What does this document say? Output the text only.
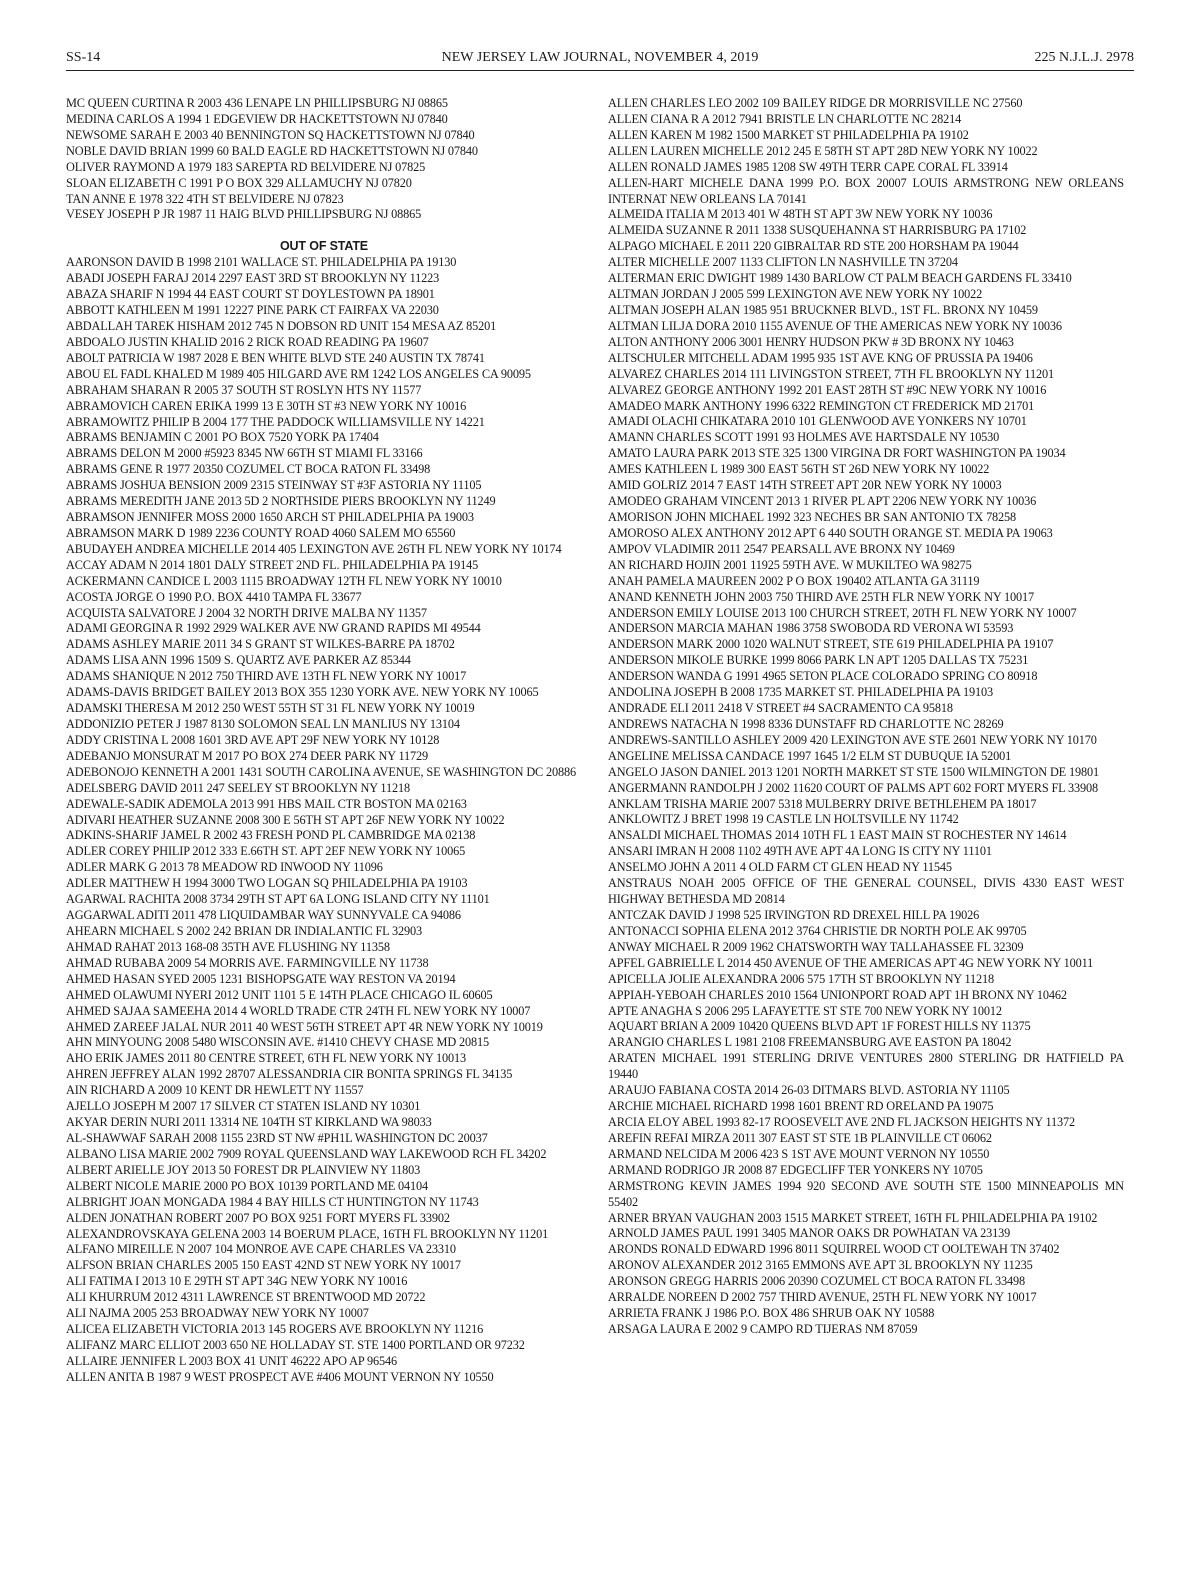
SS-14	NEW JERSEY LAW JOURNAL, NOVEMBER 4, 2019	225 N.J.L.J. 2978

MC QUEEN CURTINA R 2003 436 LENAPE LN PHILLIPSBURG NJ 08865

MEDINA CARLOS A 1994 1 EDGEVIEW DR HACKETTSTOWN NJ 07840

NEWSOME SARAH E 2003 40 BENNINGTON SQ HACKETTSTOWN NJ 07840

NOBLE DAVID BRIAN 1999 60 BALD EAGLE RD HACKETTSTOWN NJ 07840

OLIVER RAYMOND A 1979 183 SAREPTA RD BELVIDERE NJ 07825

SLOAN ELIZABETH C 1991 P O BOX 329 ALLAMUCHY NJ 07820

TAN ANNE E 1978 322 4TH ST BELVIDERE NJ 07823

VESEY JOSEPH P JR 1987 11 HAIG BLVD PHILLIPSBURG NJ 08865

OUT OF STATE

AARONSON DAVID B 1998 2101 WALLACE ST. PHILADELPHIA PA 19130

ABADI JOSEPH FARAJ 2014 2297 EAST 3RD ST BROOKLYN NY 11223

ABAZA SHARIF N 1994 44 EAST COURT ST DOYLESTOWN PA 18901

ABBOTT KATHLEEN M 1991 12227 PINE PARK CT FAIRFAX VA 22030

ABDALLAH TAREK HISHAM 2012 745 N DOBSON RD UNIT 154 MESA AZ 85201

ABDOALO JUSTIN KHALID 2016 2 RICK ROAD READING PA 19607

ABOLT PATRICIA W 1987 2028 E BEN WHITE BLVD STE 240 AUSTIN TX 78741

ABOU EL FADL KHALED M 1989 405 HILGARD AVE RM 1242 LOS ANGELES CA 90095

ABRAHAM SHARAN R 2005 37 SOUTH ST ROSLYN HTS NY 11577

ABRAMOVICH CAREN ERIKA 1999 13 E 30TH ST #3 NEW YORK NY 10016

ABRAMOWITZ PHILIP B 2004 177 THE PADDOCK WILLIAMSVILLE NY 14221

ABRAMS BENJAMIN C 2001 PO BOX 7520 YORK PA 17404

ABRAMS DELON M 2000 #5923 8345 NW 66TH ST MIAMI FL 33166

ABRAMS GENE R 1977 20350 COZUMEL CT BOCA RATON FL 33498

ABRAMS JOSHUA BENSION 2009 2315 STEINWAY ST #3F ASTORIA NY 11105

ABRAMS MEREDITH JANE 2013 5D 2 NORTHSIDE PIERS BROOKLYN NY 11249

ABRAMSON JENNIFER MOSS 2000 1650 ARCH ST PHILADELPHIA PA 19003

ABRAMSON MARK D 1989 2236 COUNTY ROAD 4060 SALEM MO 65560

ABUDAYEH ANDREA MICHELLE 2014 405 LEXINGTON AVE 26TH FL NEW YORK NY 10174

ACCAY ADAM N 2014 1801 DALY STREET 2ND FL. PHILADELPHIA PA 19145

ACKERMANN CANDICE L 2003 1115 BROADWAY 12TH FL NEW YORK NY 10010

ACOSTA JORGE O 1990 P.O. BOX 4410 TAMPA FL 33677

ACQUISTA SALVATORE J 2004 32 NORTH DRIVE MALBA NY 11357

ADAMI GEORGINA R 1992 2929 WALKER AVE NW GRAND RAPIDS MI 49544

ADAMS ASHLEY MARIE 2011 34 S GRANT ST WILKES-BARRE PA 18702

ADAMS LISA ANN 1996 1509 S. QUARTZ AVE PARKER AZ 85344

ADAMS SHANIQUE N 2012 750 THIRD AVE 13TH FL NEW YORK NY 10017

ADAMS-DAVIS BRIDGET BAILEY 2013 BOX 355 1230 YORK AVE. NEW YORK NY 10065

ADAMSKI THERESA M 2012 250 WEST 55TH ST 31 FL NEW YORK NY 10019

ADDONIZIO PETER J 1987 8130 SOLOMON SEAL LN MANLIUS NY 13104

ADDY CRISTINA L 2008 1601 3RD AVE APT 29F NEW YORK NY 10128

ADEBANJO MONSURAT M 2017 PO BOX 274 DEER PARK NY 11729

ADEBONOJO KENNETH A 2001 1431 SOUTH CAROLINA AVENUE, SE WASHINGTON DC 20886

ADELSBERG DAVID 2011 247 SEELEY ST BROOKLYN NY 11218

ADEWALE-SADIK ADEMOLA 2013 991 HBS MAIL CTR BOSTON MA 02163

ADIVARI HEATHER SUZANNE 2008 300 E 56TH ST APT 26F NEW YORK NY 10022

ADKINS-SHARIF JAMEL R 2002 43 FRESH POND PL CAMBRIDGE MA 02138

ADLER COREY PHILIP 2012 333 E.66TH ST. APT 2EF NEW YORK NY 10065

ADLER MARK G 2013 78 MEADOW RD INWOOD NY 11096

ADLER MATTHEW H 1994 3000 TWO LOGAN SQ PHILADELPHIA PA 19103

AGARWAL RACHITA 2008 3734 29TH ST APT 6A LONG ISLAND CITY NY 11101

AGGARWAL ADITI 2011 478 LIQUIDAMBAR WAY SUNNYVALE CA 94086

AHEARN MICHAEL S 2002 242 BRIAN DR INDIALANTIC FL 32903

AHMAD RAHAT 2013 168-08 35TH AVE FLUSHING NY 11358

AHMAD RUBABA 2009 54 MORRIS AVE. FARMINGVILLE NY 11738

AHMED HASAN SYED 2005 1231 BISHOPSGATE WAY RESTON VA 20194

AHMED OLAWUMI NYERI 2012 UNIT 1101 5 E 14TH PLACE CHICAGO IL 60605

AHMED SAJAA SAMEEHA 2014 4 WORLD TRADE CTR 24TH FL NEW YORK NY 10007

AHMED ZAREEF JALAL NUR 2011 40 WEST 56TH STREET APT 4R NEW YORK NY 10019

AHN MINYOUNG 2008 5480 WISCONSIN AVE. #1410 CHEVY CHASE MD 20815

AHO ERIK JAMES 2011 80 CENTRE STREET, 6TH FL NEW YORK NY 10013

AHREN JEFFREY ALAN 1992 28707 ALESSANDRIA CIR BONITA SPRINGS FL 34135

AIN RICHARD A 2009 10 KENT DR HEWLETT NY 11557

AJELLO JOSEPH M 2007 17 SILVER CT STATEN ISLAND NY 10301

AKYAR DERIN NURI 2011 13314 NE 104TH ST KIRKLAND WA 98033

AL-SHAWWAF SARAH 2008 1155 23RD ST NW #PH1L WASHINGTON DC 20037

ALBANO LISA MARIE 2002 7909 ROYAL QUEENSLAND WAY LAKEWOOD RCH FL 34202

ALBERT ARIELLE JOY 2013 50 FOREST DR PLAINVIEW NY 11803

ALBERT NICOLE MARIE 2000 PO BOX 10139 PORTLAND ME 04104

ALBRIGHT JOAN MONGADA 1984 4 BAY HILLS CT HUNTINGTON NY 11743

ALDEN JONATHAN ROBERT 2007 PO BOX 9251 FORT MYERS FL 33902

ALEXANDROVSKAYA GELENA 2003 14 BOERUM PLACE, 16TH FL BROOKLYN NY 11201

ALFANO MIREILLE N 2007 104 MONROE AVE CAPE CHARLES VA 23310

ALFSON BRIAN CHARLES 2005 150 EAST 42ND ST NEW YORK NY 10017

ALI FATIMA I 2013 10 E 29TH ST APT 34G NEW YORK NY 10016

ALI KHURRUM 2012 4311 LAWRENCE ST BRENTWOOD MD 20722

ALI NAJMA 2005 253 BROADWAY NEW YORK NY 10007

ALICEA ELIZABETH VICTORIA 2013 145 ROGERS AVE BROOKLYN NY 11216

ALIFANZ MARC ELLIOT 2003 650 NE HOLLADAY ST. STE 1400 PORTLAND OR 97232

ALLAIRE JENNIFER L 2003 BOX 41 UNIT 46222 APO AP 96546

ALLEN ANITA B 1987 9 WEST PROSPECT AVE #406 MOUNT VERNON NY 10550

ALLEN CHARLES LEO 2002 109 BAILEY RIDGE DR MORRISVILLE NC 27560

ALLEN CIANA R A 2012 7941 BRISTLE LN CHARLOTTE NC 28214

ALLEN KAREN M 1982 1500 MARKET ST PHILADELPHIA PA 19102

ALLEN LAUREN MICHELLE 2012 245 E 58TH ST APT 28D NEW YORK NY 10022

ALLEN RONALD JAMES 1985 1208 SW 49TH TERR CAPE CORAL FL 33914

ALLEN-HART MICHELE DANA 1999 P.O. BOX 20007 LOUIS ARMSTRONG NEW ORLEANS INTERNAT NEW ORLEANS LA 70141

ALMEIDA ITALIA M 2013 401 W 48TH ST APT 3W NEW YORK NY 10036

ALMEIDA SUZANNE R 2011 1338 SUSQUEHANNA ST HARRISBURG PA 17102

ALPAGO MICHAEL E 2011 220 GIBRALTAR RD STE 200 HORSHAM PA 19044

ALTER MICHELLE 2007 1133 CLIFTON LN NASHVILLE TN 37204

ALTERMAN ERIC DWIGHT 1989 1430 BARLOW CT PALM BEACH GARDENS FL 33410

ALTMAN JORDAN J 2005 599 LEXINGTON AVE NEW YORK NY 10022

ALTMAN JOSEPH ALAN 1985 951 BRUCKNER BLVD., 1ST FL. BRONX NY 10459

ALTMAN LILJA DORA 2010 1155 AVENUE OF THE AMERICAS NEW YORK NY 10036

ALTON ANTHONY 2006 3001 HENRY HUDSON PKW # 3D BRONX NY 10463

ALTSCHULER MITCHELL ADAM 1995 935 1ST AVE KNG OF PRUSSIA PA 19406

ALVAREZ CHARLES 2014 111 LIVINGSTON STREET, 7TH FL BROOKLYN NY 11201

ALVAREZ GEORGE ANTHONY 1992 201 EAST 28TH ST #9C NEW YORK NY 10016

AMADEO MARK ANTHONY 1996 6322 REMINGTON CT FREDERICK MD 21701

AMADI OLACHI CHIKATARA 2010 101 GLENWOOD AVE YONKERS NY 10701

AMANN CHARLES SCOTT 1991 93 HOLMES AVE HARTSDALE NY 10530

AMATO LAURA PARK 2013 STE 325 1300 VIRGINA DR FORT WASHINGTON PA 19034

AMES KATHLEEN L 1989 300 EAST 56TH ST 26D NEW YORK NY 10022

AMID GOLRIZ 2014 7 EAST 14TH STREET APT 20R NEW YORK NY 10003

AMODEO GRAHAM VINCENT 2013 1 RIVER PL APT 2206 NEW YORK NY 10036

AMORISON JOHN MICHAEL 1992 323 NECHES BR SAN ANTONIO TX 78258

AMOROSO ALEX ANTHONY 2012 APT 6 440 SOUTH ORANGE ST. MEDIA PA 19063

AMPOV VLADIMIR 2011 2547 PEARSALL AVE BRONX NY 10469

AN RICHARD HOJIN 2001 11925 59TH AVE. W MUKILTEO WA 98275

ANAH PAMELA MAUREEN 2002 P O BOX 190402 ATLANTA GA 31119

ANAND KENNETH JOHN 2003 750 THIRD AVE 25TH FLR NEW YORK NY 10017

ANDERSON EMILY LOUISE 2013 100 CHURCH STREET, 20TH FL NEW YORK NY 10007

ANDERSON MARCIA MAHAN 1986 3758 SWOBODA RD VERONA WI 53593

ANDERSON MARK 2000 1020 WALNUT STREET, STE 619 PHILADELPHIA PA 19107

ANDERSON MIKOLE BURKE 1999 8066 PARK LN APT 1205 DALLAS TX 75231

ANDERSON WANDA G 1991 4965 SETON PLACE COLORADO SPRING CO 80918

ANDOLINA JOSEPH B 2008 1735 MARKET ST. PHILADELPHIA PA 19103

ANDRADE ELI 2011 2418 V STREET #4 SACRAMENTO CA 95818

ANDREWS NATACHA N 1998 8336 DUNSTAFF RD CHARLOTTE NC 28269

ANDREWS-SANTILLO ASHLEY 2009 420 LEXINGTON AVE STE 2601 NEW YORK NY 10170

ANGELINE MELISSA CANDACE 1997 1645 1/2 ELM ST DUBUQUE IA 52001

ANGELO JASON DANIEL 2013 1201 NORTH MARKET ST STE 1500 WILMINGTON DE 19801

ANGERMANN RANDOLPH J 2002 11620 COURT OF PALMS APT 602 FORT MYERS FL 33908

ANKLAM TRISHA MARIE 2007 5318 MULBERRY DRIVE BETHLEHEM PA 18017

ANKLOWITZ J BRET 1998 19 CASTLE LN HOLTSVILLE NY 11742

ANSALDI MICHAEL THOMAS 2014 10TH FL 1 EAST MAIN ST ROCHESTER NY 14614

ANSARI IMRAN H 2008 1102 49TH AVE APT 4A LONG IS CITY NY 11101

ANSELMO JOHN A 2011 4 OLD FARM CT GLEN HEAD NY 11545

ANSTRAUS NOAH 2005 OFFICE OF THE GENERAL COUNSEL, DIVIS 4330 EAST WEST HIGHWAY BETHESDA MD 20814

ANTCZAK DAVID J 1998 525 IRVINGTON RD DREXEL HILL PA 19026

ANTONACCI SOPHIA ELENA 2012 3764 CHRISTIE DR NORTH POLE AK 99705

ANWAY MICHAEL R 2009 1962 CHATSWORTH WAY TALLAHASSEE FL 32309

APFEL GABRIELLE L 2014 450 AVENUE OF THE AMERICAS APT 4G NEW YORK NY 10011

APICELLA JOLIE ALEXANDRA 2006 575 17TH ST BROOKLYN NY 11218

APPIAH-YEBOAH CHARLES 2010 1564 UNIONPORT ROAD APT 1H BRONX NY 10462

APTE ANAGHA S 2006 295 LAFAYETTE ST STE 700 NEW YORK NY 10012

AQUART BRIAN A 2009 10420 QUEENS BLVD APT 1F FOREST HILLS NY 11375

ARANGIO CHARLES L 1981 2108 FREEMANSBURG AVE EASTON PA 18042

ARATEN MICHAEL 1991 STERLING DRIVE VENTURES 2800 STERLING DR HATFIELD PA 19440

ARAUJO FABIANA COSTA 2014 26-03 DITMARS BLVD. ASTORIA NY 11105

ARCHIE MICHAEL RICHARD 1998 1601 BRENT RD ORELAND PA 19075

ARCIA ELOY ABEL 1993 82-17 ROOSEVELT AVE 2ND FL JACKSON HEIGHTS NY 11372

AREFIN REFAI MIRZA 2011 307 EAST ST STE 1B PLAINVILLE CT 06062

ARMAND NELCIDA M 2006 423 S 1ST AVE MOUNT VERNON NY 10550

ARMAND RODRIGO JR 2008 87 EDGECLIFF TER YONKERS NY 10705

ARMSTRONG KEVIN JAMES 1994 920 SECOND AVE SOUTH STE 1500 MINNEAPOLIS MN 55402

ARNER BRYAN VAUGHAN 2003 1515 MARKET STREET, 16TH FL PHILADELPHIA PA 19102

ARNOLD JAMES PAUL 1991 3405 MANOR OAKS DR POWHATAN VA 23139

ARONDS RONALD EDWARD 1996 8011 SQUIRREL WOOD CT OOLTEWAH TN 37402

ARONOV ALEXANDER 2012 3165 EMMONS AVE APT 3L BROOKLYN NY 11235

ARONSON GREGG HARRIS 2006 20390 COZUMEL CT BOCA RATON FL 33498

ARRALDE NOREEN D 2002 757 THIRD AVENUE, 25TH FL NEW YORK NY 10017

ARRIETA FRANK J 1986 P.O. BOX 486 SHRUB OAK NY 10588

ARSAGA LAURA E 2002 9 CAMPO RD TIJERAS NM 87059
